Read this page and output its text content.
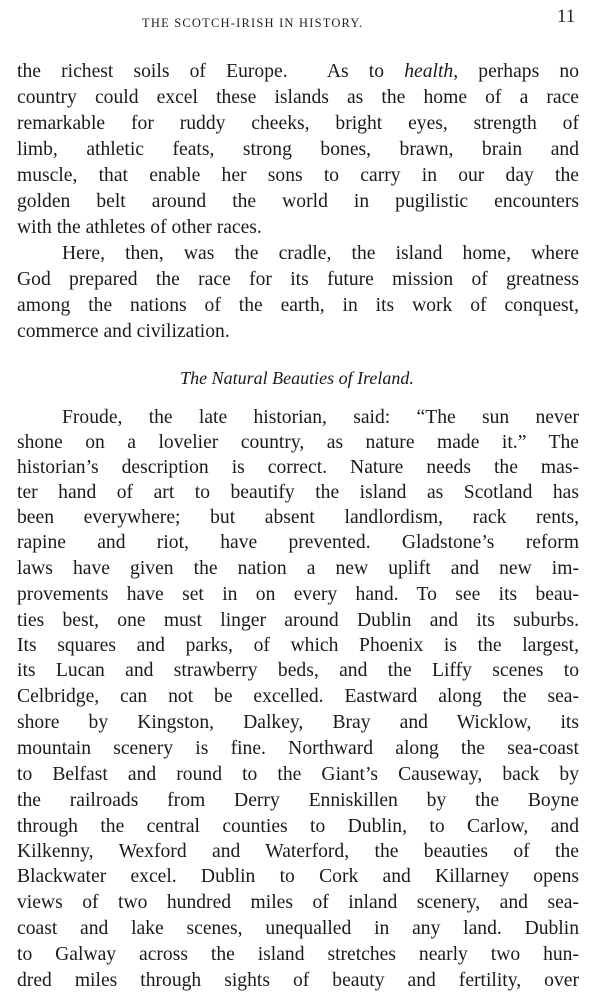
THE SCOTCH-IRISH IN HISTORY.	11
the richest soils of Europe.  As to health, perhaps no
country could excel these islands as the home of a race
remarkable for ruddy cheeks, bright eyes, strength of
limb, athletic feats, strong bones, brawn, brain and
muscle, that enable her sons to carry in our day the
golden belt around the world in pugilistic encounters
with the athletes of other races.
Here, then, was the cradle, the island home, where
God prepared the race for its future mission of greatness
among the nations of the earth, in its work of conquest,
commerce and civilization.
The Natural Beauties of Ireland.
Froude, the late historian, said: “The sun never
shone on a lovelier country, as nature made it.” The
historian’s description is correct. Nature needs the mas-
ter hand of art to beautify the island as Scotland has
been everywhere; but absent landlordism, rack rents,
rapine and riot, have prevented. Gladstone’s reform
laws have given the nation a new uplift and new im-
provements have set in on every hand. To see its beau-
ties best, one must linger around Dublin and its suburbs.
Its squares and parks, of which Phoenix is the largest,
its Lucan and strawberry beds, and the Liffy scenes to
Celbridge, can not be excelled. Eastward along the sea-
shore by Kingston, Dalkey, Bray and Wicklow, its
mountain scenery is fine. Northward along the sea-coast
to Belfast and round to the Giant’s Causeway, back by
the railroads from Derry Enniskillen by the Boyne
through the central counties to Dublin, to Carlow, and
Kilkenny, Wexford and Waterford, the beauties of the
Blackwater excel. Dublin to Cork and Killarney opens
views of two hundred miles of inland scenery, and sea-
coast and lake scenes, unequalled in any land. Dublin
to Galway across the island stretches nearly two hun-
dred miles through sights of beauty and fertility, over
